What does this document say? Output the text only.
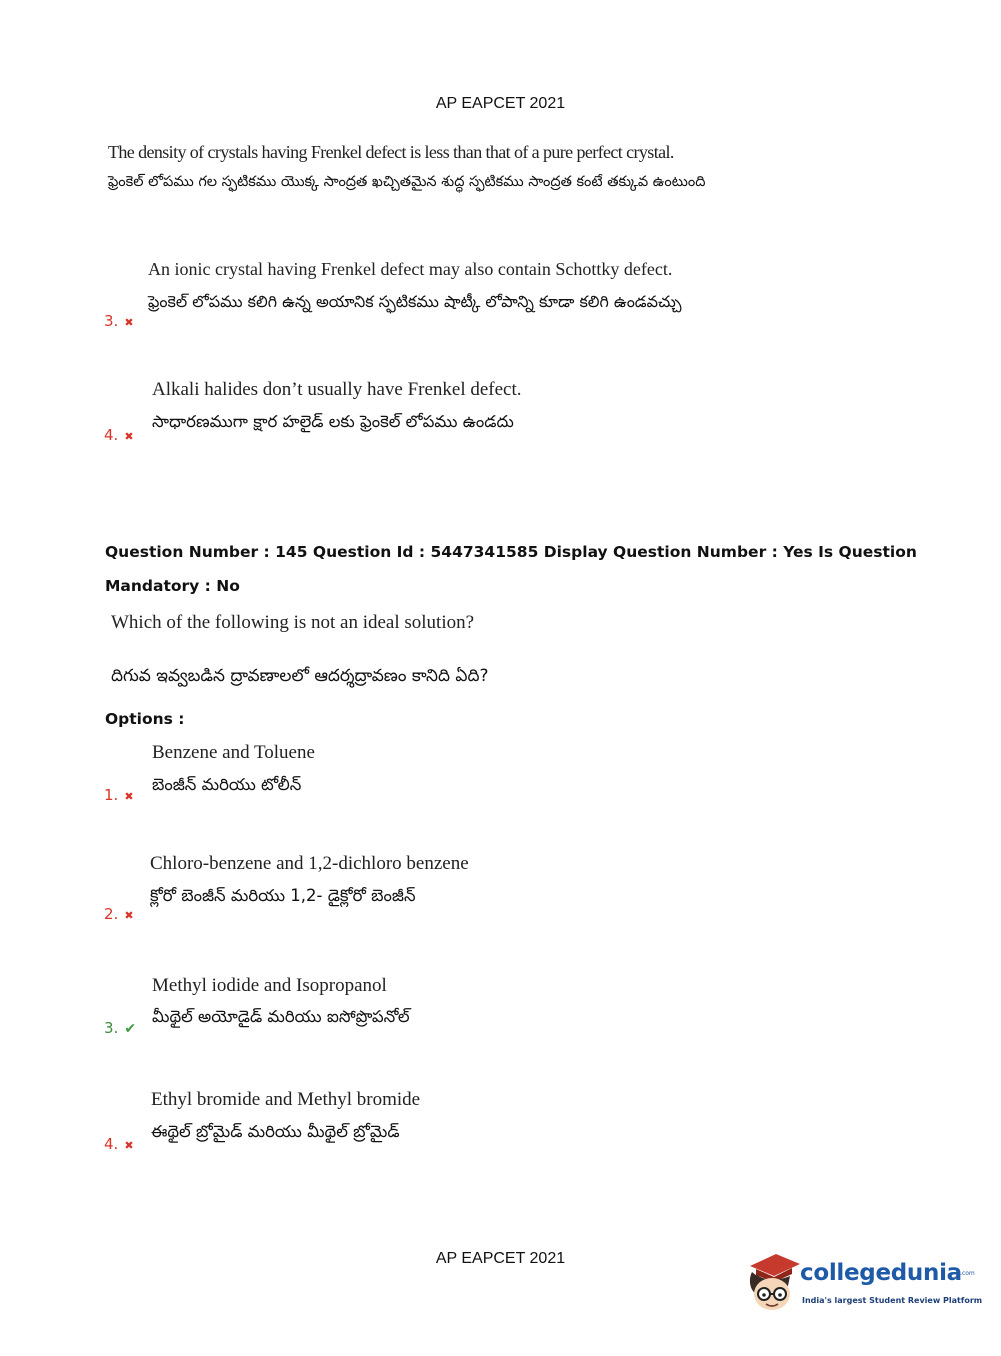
AP EAPCET 2021
The density of crystals having Frenkel defect is less than that of a pure perfect crystal.
ఫ్రెంకెల్ లోపము గల స్ఫటికము యొక్క సాంద్రత ఖచ్చితమైన శుద్ధ స్ఫటికము సాంద్రత కంటే తక్కువ ఉంటుంది
An ionic crystal having Frenkel defect may also contain Schottky defect.
ఫ్రెంకెల్ లోపము కలిగి ఉన్న అయానిక స్ఫటికము షాట్కీ లోపాన్ని కూడా కలిగి ఉండవచ్చు
3. ✖
Alkali halides don’t usually have Frenkel defect.
సాధారణముగా క్షార హలైడ్ లకు ఫ్రెంకెల్ లోపము ఉండదు
4. ✖
Question Number : 145 Question Id : 5447341585 Display Question Number : Yes Is Question
Mandatory : No
Which of the following is not an ideal solution?
దిగువ ఇవ్వబడిన ద్రావణాలలో ఆదర్శద్రావణం కానిది ఏది?
Options :
Benzene and Toluene
బెంజీన్ మరియు టోలీన్
1. ✖
Chloro-benzene and 1,2-dichloro benzene
క్లోరో బెంజీన్ మరియు 1,2- డైక్లోరో బెంజీన్
2. ✖
Methyl iodide and Isopropanol
మీథైల్ అయోడైడ్ మరియు ఐసోప్రొపనోల్
3. ✔
Ethyl bromide and Methyl bromide
ఈథైల్ బ్రోమైడ్ మరియు మీథైల్ బ్రోమైడ్
4. ✖
AP EAPCET 2021
collegedunia
.com
India's largest Student Review Platform
